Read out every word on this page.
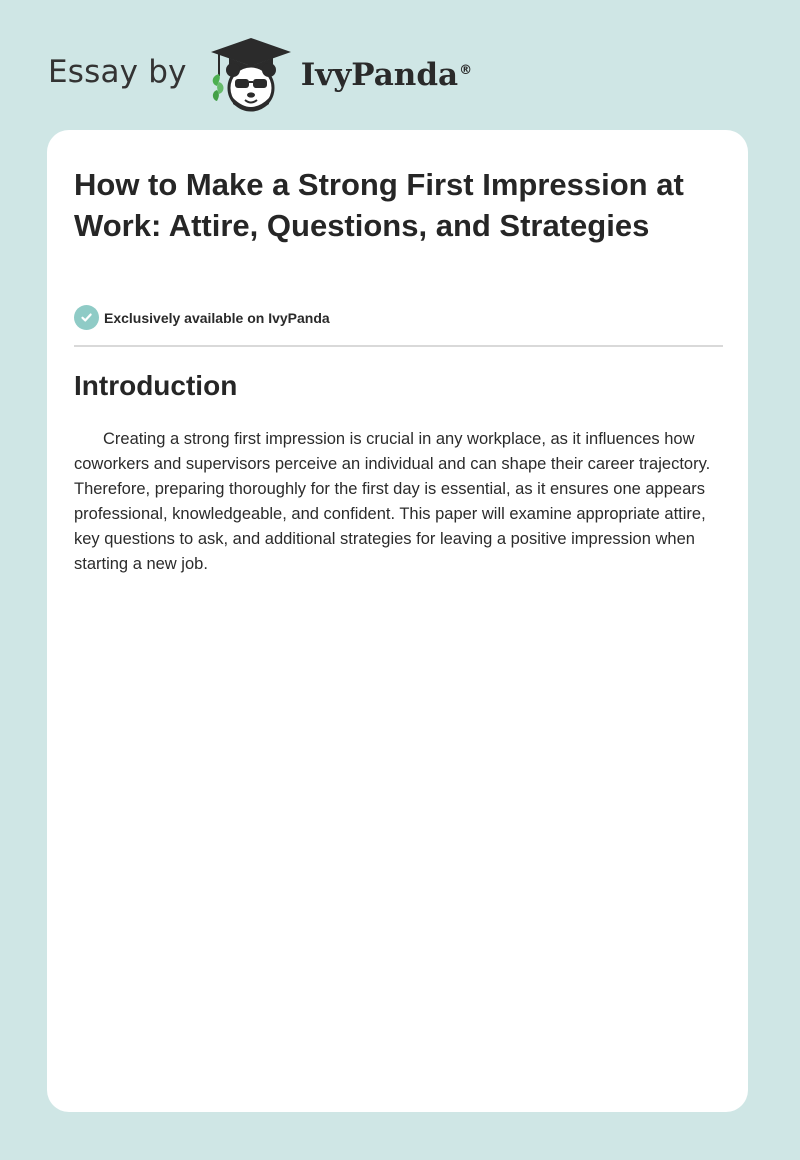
Essay by	IvyPanda®
How to Make a Strong First Impression at Work: Attire, Questions, and Strategies
Exclusively available on IvyPanda
Introduction

Creating a strong first impression is crucial in any workplace, as it influences how coworkers and supervisors perceive an individual and can shape their career trajectory. Therefore, preparing thoroughly for the first day is essential, as it ensures one appears professional, knowledgeable, and confident. This paper will examine appropriate attire, key questions to ask, and additional strategies for leaving a positive impression when starting a new job.
